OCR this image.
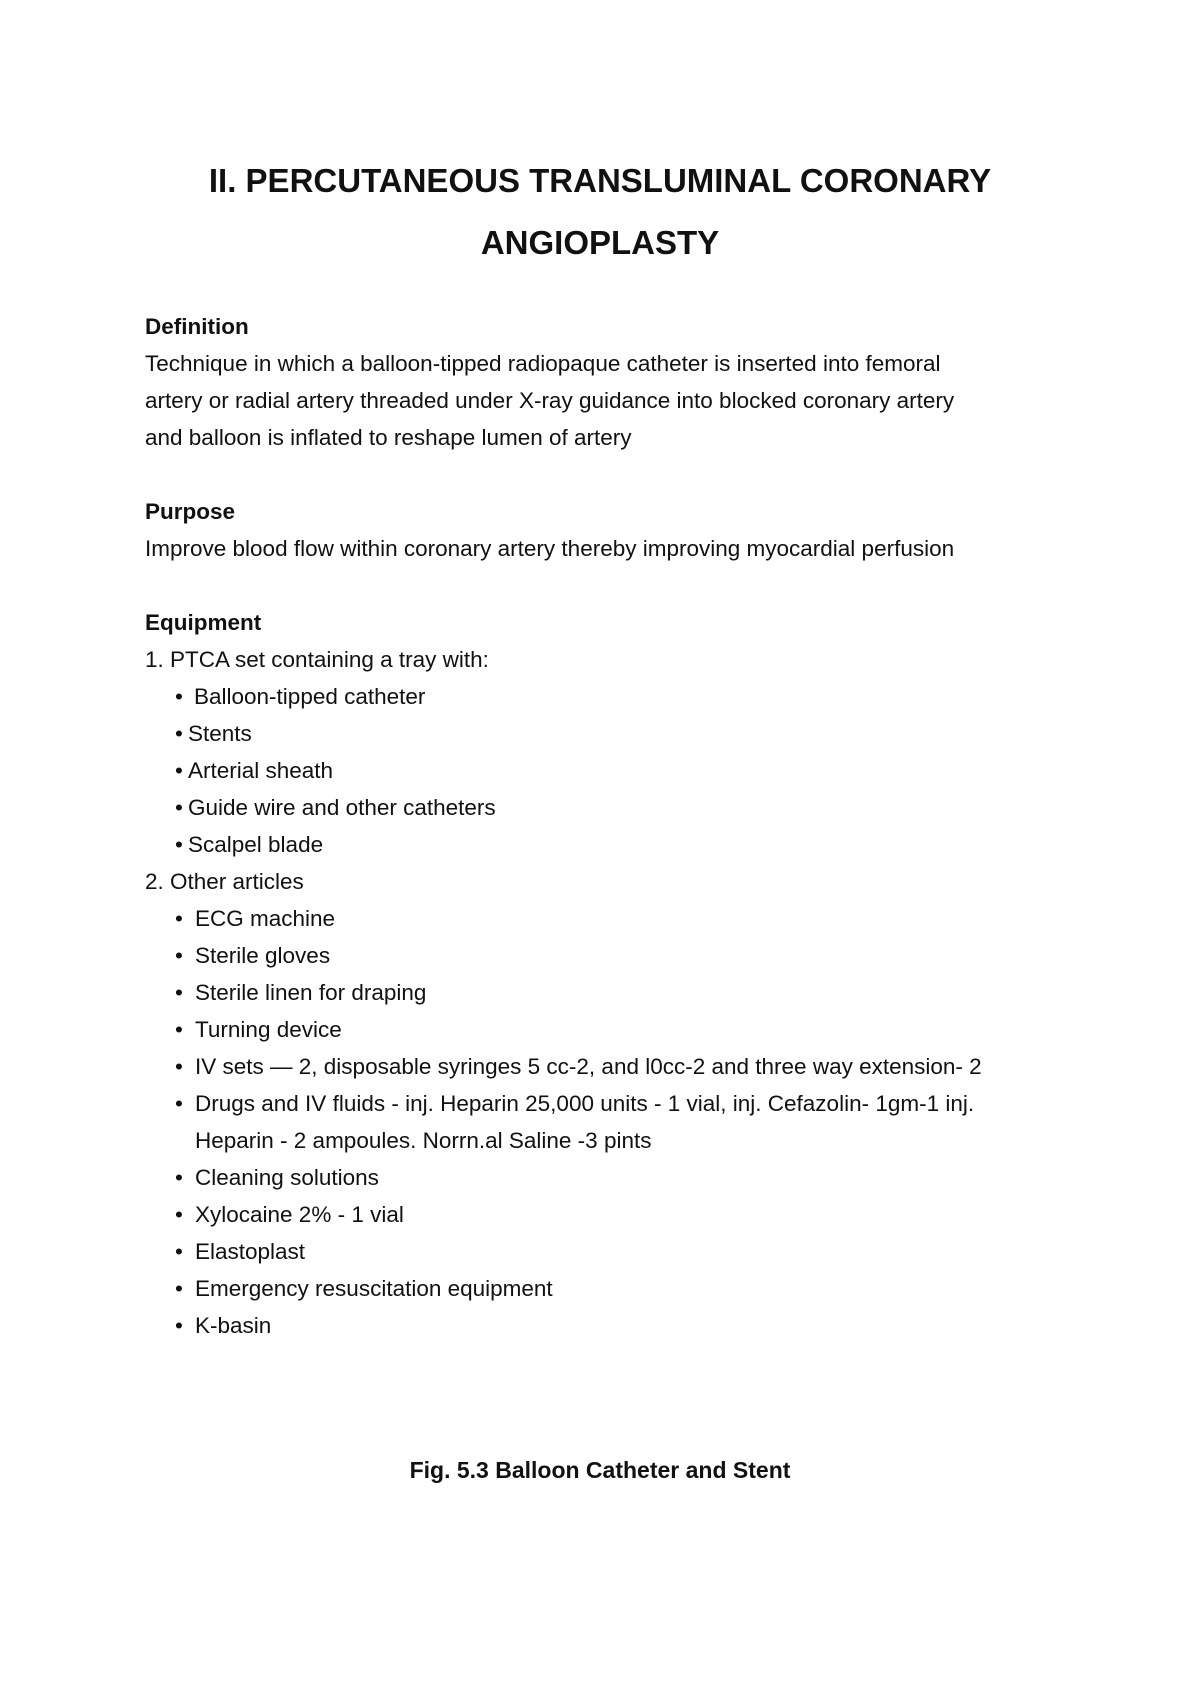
II. PERCUTANEOUS TRANSLUMINAL CORONARY
ANGIOPLASTY
Definition
Technique in which a balloon-tipped radiopaque catheter is inserted into femoral
artery or radial artery threaded under X-ray guidance into blocked coronary artery
and balloon is inflated to reshape lumen of artery
Purpose
Improve blood flow within coronary artery thereby improving myocardial perfusion
Equipment
1. PTCA set containing a tray with:
• Balloon-tipped catheter
• Stents
• Arterial sheath
• Guide wire and other catheters
• Scalpel blade
2. Other articles
• ECG machine
• Sterile gloves
• Sterile linen for draping
• Turning device
• IV sets — 2, disposable syringes 5 cc-2, and l0cc-2 and three way extension- 2
• Drugs and IV fluids - inj. Heparin 25,000 units - 1 vial, inj. Cefazolin- 1gm-1 inj.
Heparin - 2 ampoules. Norrn.al Saline -3 pints
• Cleaning solutions
• Xylocaine 2% - 1 vial
• Elastoplast
• Emergency resuscitation equipment
• K-basin
Fig. 5.3 Balloon Catheter and Stent
